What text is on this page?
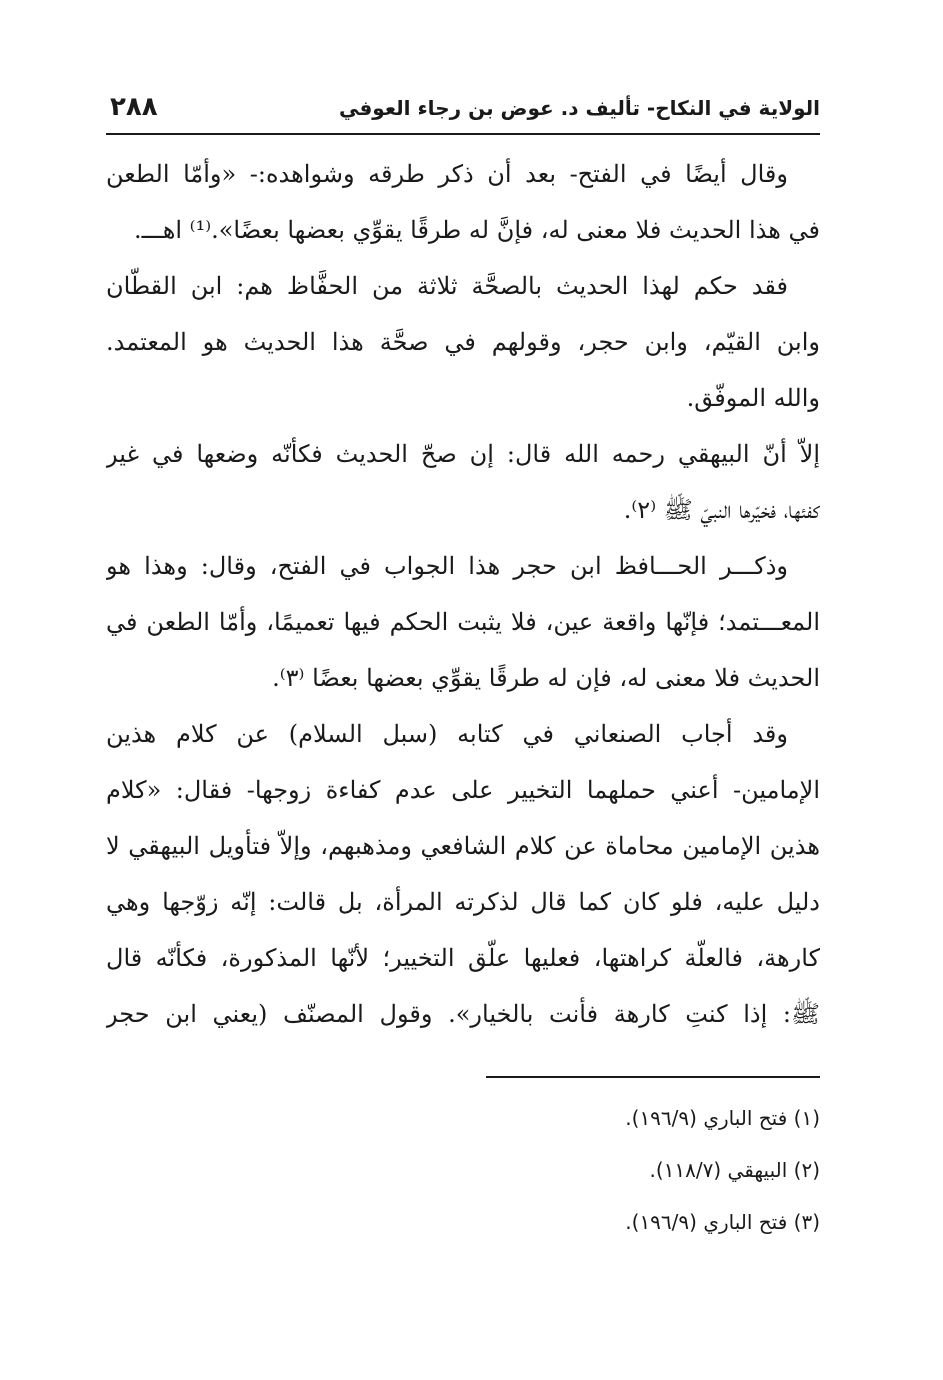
الولاية في النكاح- تأليف د. عوض بن رجاء العوفي
٢٨٨
وقال أيضًا في الفتح- بعد أن ذكر طرقه وشواهده:- «وأمّا الطعن
في هذا الحديث فلا معنى له، فإنَّ له طرقًا يقوِّي بعضها بعضًا».⁽¹⁾ اهـــ.
فقد حكم لهذا الحديث بالصحَّة ثلاثة من الحفَّاظ هم: ابن القطّان
وابن القيّم، وابن حجر، وقولهم في صحَّة هذا الحديث هو المعتمد.
والله الموفّق.
إلاّ أنّ البيهقي رحمه الله قال: إن صحّ الحديث فكأنّه وضعها في غير
كفئها، فخيّرها النبيّ ﷺ ⁽٢⁾.
وذكـــر الحـــافظ ابن حجر هذا الجواب في الفتح، وقال: وهذا هو
المعـــتمد؛ فإنّها واقعة عين، فلا يثبت الحكم فيها تعميمًا، وأمّا الطعن في
الحديث فلا معنى له، فإن له طرقًا يقوِّي بعضها بعضًا ⁽٣⁾.
وقد أجاب الصنعاني في كتابه (سبل السلام) عن كلام هذين
الإمامين- أعني حملهما التخيير على عدم كفاءة زوجها- فقال: «كلام
هذين الإمامين محاماة عن كلام الشافعي ومذهبهم، وإلاّ فتأويل البيهقي لا
دليل عليه، فلو كان كما قال لذكرته المرأة، بل قالت: إنّه زوّجها وهي
كارهة، فالعلّة كراهتها، فعليها علّق التخيير؛ لأنّها المذكورة، فكأنّه قال
ﷺ: إذا كنتِ كارهة فأنت بالخيار». وقول المصنّف (يعني ابن حجر
(١) فتح الباري (١٩٦/٩).
(٢) البيهقي (١١٨/٧).
(٣) فتح الباري (١٩٦/٩).
